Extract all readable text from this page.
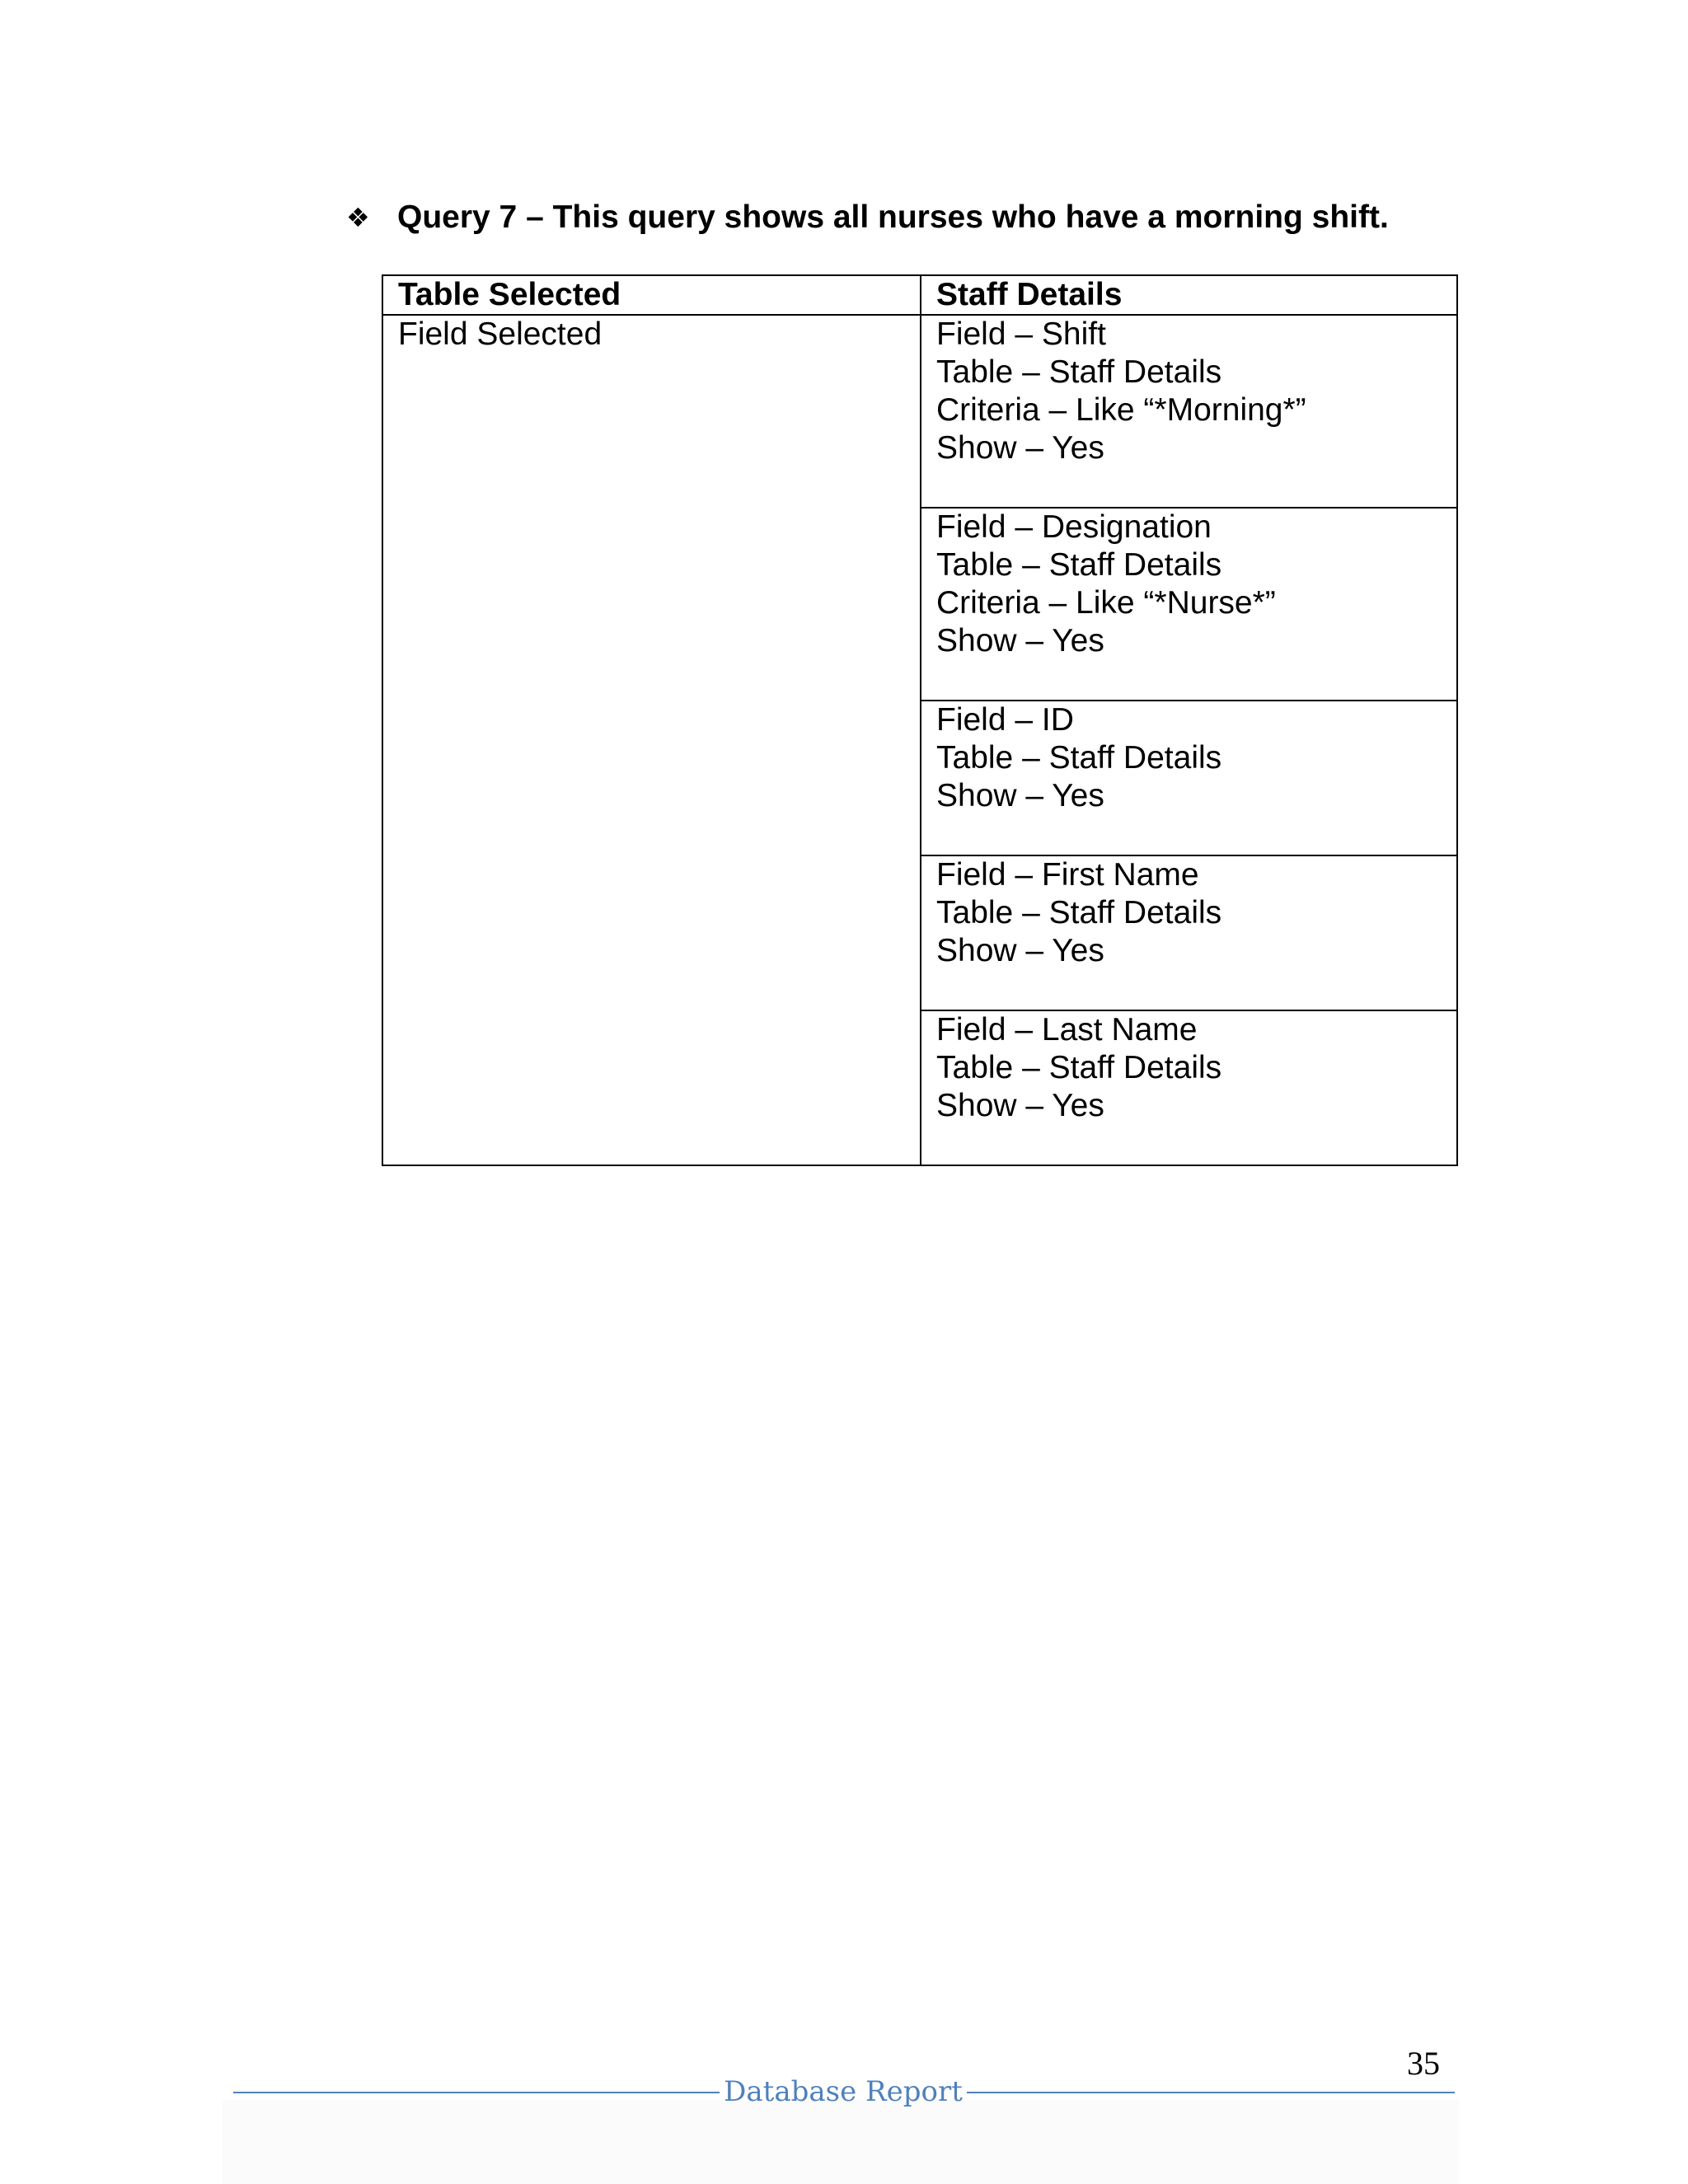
❖ Query 7 – This query shows all nurses who have a morning shift.
Table Selected	Staff Details
Field Selected	Field – Shift
Table – Staff Details
Criteria – Like “*Morning*”
Show – Yes

	Field – Designation
Table – Staff Details
Criteria – Like “*Nurse*”
Show – Yes

	Field – ID
Table – Staff Details
Show – Yes

	Field – First Name
Table – Staff Details
Show – Yes

	Field – Last Name
Table – Staff Details
Show – Yes
Database Report
35
